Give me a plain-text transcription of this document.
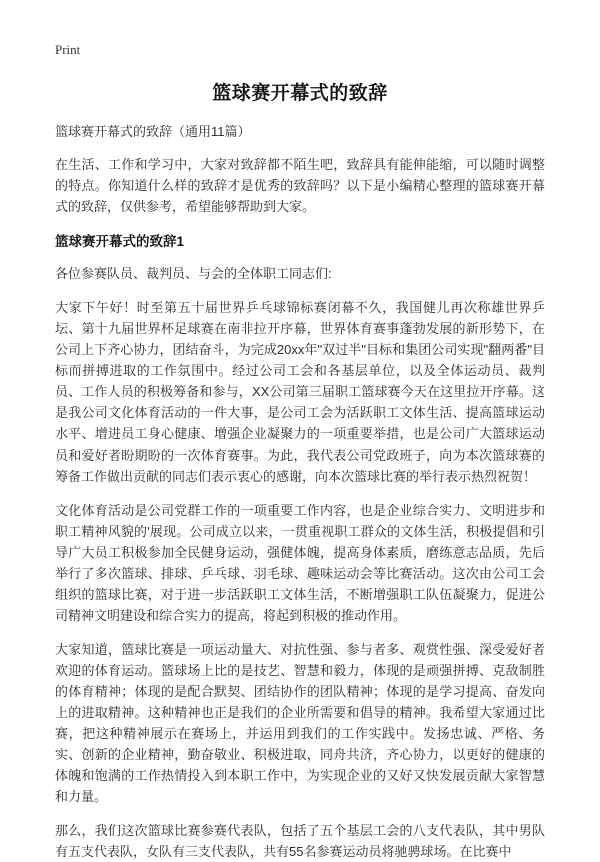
Print
篮球赛开幕式的致辞

篮球赛开幕式的致辞（通用11篇）

在生活、工作和学习中，大家对致辞都不陌生吧，致辞具有能伸能缩，可以随时调整的特点。你知道什么样的致辞才是优秀的致辞吗？以下是小编精心整理的篮球赛开幕式的致辞，仅供参考，希望能够帮助到大家。

篮球赛开幕式的致辞1

各位参赛队员、裁判员、与会的全体职工同志们:

大家下午好！时至第五十届世界乒乓球锦标赛闭幕不久，我国健儿再次称雄世界乒坛、第十九届世界杯足球赛在南非拉开序幕，世界体育赛事蓬勃发展的新形势下，在公司上下齐心协力，团结奋斗，为完成20xx年"双过半"目标和集团公司实现"翻两番"目标而拼搏进取的工作氛围中。经过公司工会和各基层单位，以及全体运动员、裁判员、工作人员的积极筹备和参与，XX公司第三届职工篮球赛今天在这里拉开序幕。这是我公司文化体育活动的一件大事，是公司工会为活跃职工文体生活、提高篮球运动水平、增进员工身心健康、增强企业凝聚力的一项重要举措，也是公司广大篮球运动员和爱好者盼期盼的一次体育赛事。为此，我代表公司党政班子，向为本次篮球赛的筹备工作做出贡献的同志们表示衷心的感谢，向本次篮球比赛的举行表示热烈祝贺！

文化体育活动是公司党群工作的一项重要工作内容，也是企业综合实力、文明进步和职工精神风貌的'展现。公司成立以来，一贯重视职工群众的文体生活，积极提倡和引导广大员工积极参加全民健身运动，强健体魄，提高身体素质，磨练意志品质，先后举行了多次篮球、排球、乒乓球、羽毛球、趣味运动会等比赛活动。这次由公司工会组织的篮球比赛，对于进一步活跃职工文体生活，不断增强职工队伍凝聚力，促进公司精神文明建设和综合实力的提高，将起到积极的推动作用。

大家知道，篮球比赛是一项运动量大、对抗性强、参与者多、观赏性强、深受爱好者欢迎的体育运动。篮球场上比的是技艺、智慧和毅力，体现的是顽强拼搏、克敌制胜的体育精神；体现的是配合默契、团结协作的团队精神；体现的是学习提高、奋发向上的进取精神。这种精神也正是我们的企业所需要和倡导的精神。我希望大家通过比赛，把这种精神展示在赛场上，并运用到我们的工作实践中。发扬忠诚、严格、务实、创新的企业精神，勤奋敬业、积极进取，同舟共济，齐心协力，以更好的健康的体魄和饱满的工作热情投入到本职工作中，为实现企业的又好又快发展贡献大家智慧和力量。

那么，我们这次篮球比赛参赛代表队，包括了五个基层工会的八支代表队，其中男队有五支代表队，女队有三支代表队，共有55名参赛运动员将驰骋球场。在比赛中
